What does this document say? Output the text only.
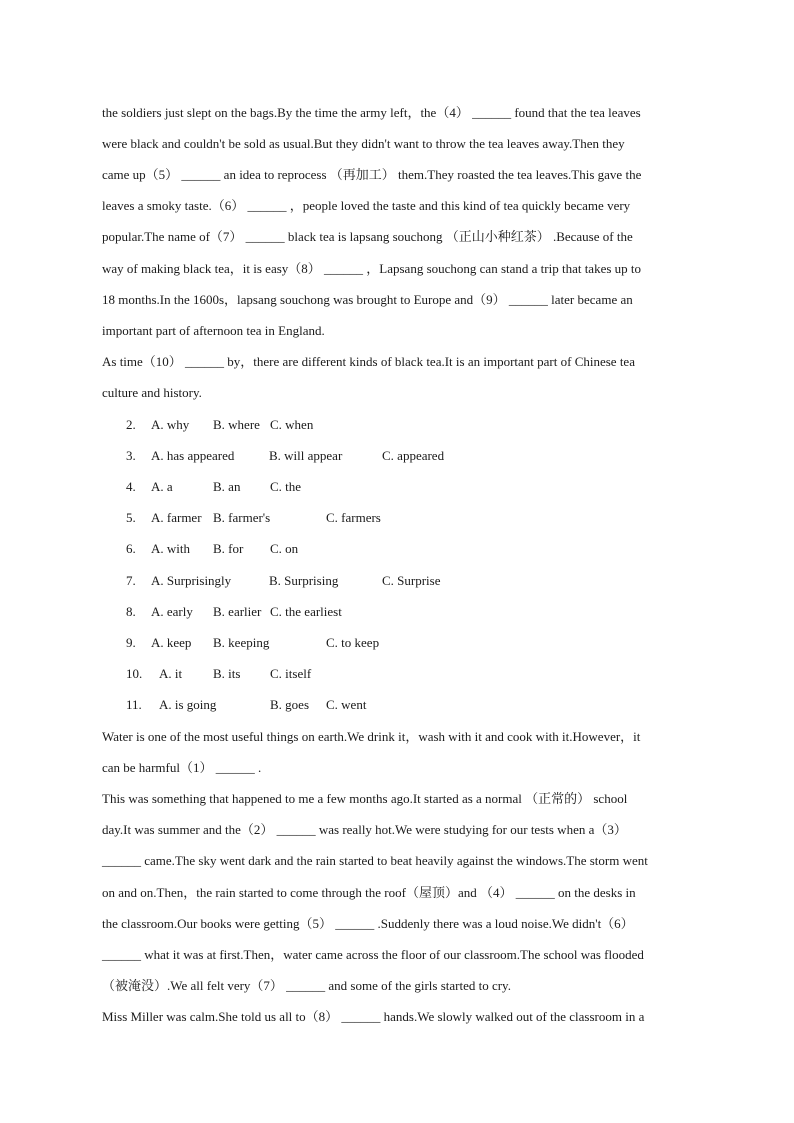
the soldiers just slept on the bags.By the time the army left，the（4） ______ found that the tea leaves
were black and couldn't be sold as usual.But they didn't want to throw the tea leaves away.Then they
came up（5） ______ an idea to reprocess （再加工） them.They roasted the tea leaves.This gave the
leaves a smoky taste.（6） ______ ，people loved the taste and this kind of tea quickly became very
popular.The name of（7） ______ black tea is lapsang souchong （正山小种红茶） .Because of the
way of making black tea，it is easy（8） ______ ，Lapsang souchong can stand a trip that takes up to
18 months.In the 1600s，lapsang souchong was brought to Europe and（9） ______ later became an
important part of afternoon tea in England.
As time（10） ______ by，there are different kinds of black tea.It is an important part of Chinese tea
culture and history.
2. A. why B. where C. when
3. A. has appeared	B. will appear	C. appeared
4. A. a	B. an C. the
5. A. farmer B. farmer's	C. farmers
6. A. with B. for C. on
7. A. Surprisingly	B. Surprising	C. Surprise
8. A. early B. earlier C. the earliest
9. A. keep B. keeping	C. to keep
10. A. it B. its C. itself
11. A. is going	B. goes C. went
Water is one of the most useful things on earth.We drink it，wash with it and cook with it.However，it
can be harmful（1） ______ .
This was something that happened to me a few months ago.It started as a normal （正常的） school
day.It was summer and the（2） ______ was really hot.We were studying for our tests when a（3）
______ came.The sky went dark and the rain started to beat heavily against the windows.The storm went
on and on.Then，the rain started to come through the roof（屋顶）and （4） ______ on the desks in
the classroom.Our books were getting（5） ______ .Suddenly there was a loud noise.We didn't（6）
______ what it was at first.Then，water came across the floor of our classroom.The school was flooded
（被淹没）.We all felt very（7） ______ and some of the girls started to cry.
Miss Miller was calm.She told us all to（8） ______ hands.We slowly walked out of the classroom in a
